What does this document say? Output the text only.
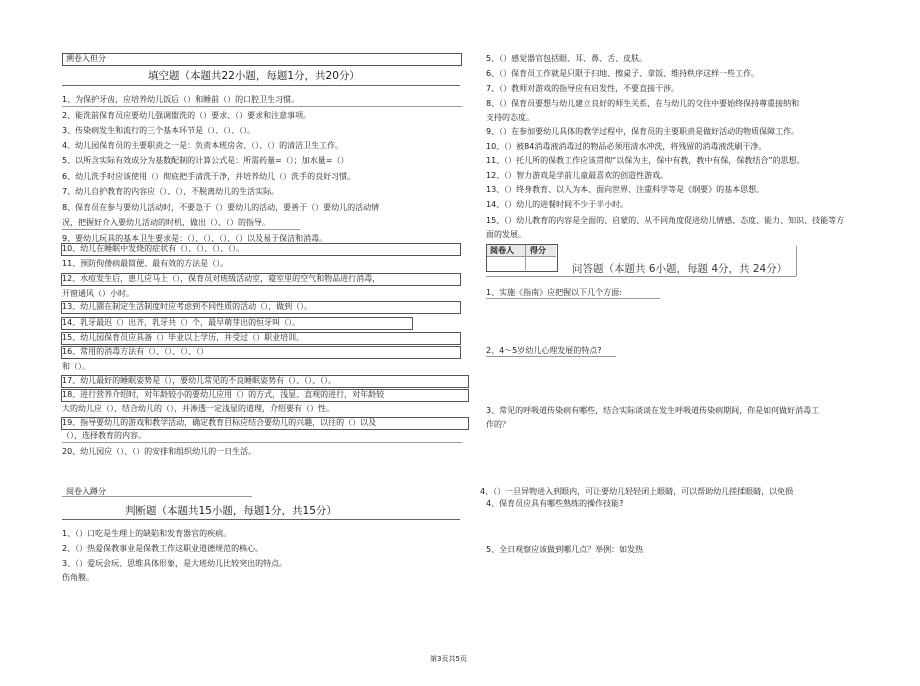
溯卷入但分
填空题（本题共22小题，每题1分，共20分）
1、为保护牙齿，应培养幼儿饭后（）和睡前（）的口腔卫生习惯。
2、能洗前保育员应要幼儿强调盥洗的（）要求、（）要求和注意事项。
3、传染病发生和流行的三个基本环节是（）、（）、（）。
4、幼儿园保育员的主要职责之一是：负责本班房舍、（）、（）的清洁卫生工作。
5、以所含实际有效成分为基数配制的计算公式是：所需药量=（）；加水量=（）
6、幼儿洗手时应该使用（）彻底把手清洗干净，并培养幼儿（）洗手的良好习惯。
7、幼儿自护教育的内容应（）、（），不脱离幼儿的生活实际。
8、保育员在参与要幼儿活动时，不要急于（）要幼儿的活动，要善于（）要幼儿的活动情
况，把握好介入要幼儿活动的时机，做出（）、（）的指导。
9、要幼儿玩具的基本卫生要求是：（）、（）、（）、（）以及易于保洁和消毒。
10、幼儿在睡眠中发烧的症状有（）、（）、（）、（）。
11、预防佝偻病最简便、最有效的方法是（）。
12、水痘发生后，患儿应马上（），保育员对班级活动室，寝室里的空气和物品进行消毒，
开窗通风（）小时。
13、幼儿園在制定生活制度时应考虑到不同性质的活动（），做到（）。
14、乳牙最迟（）出齐，乳牙共（）个，最早萌芽出的恒牙叫（）。
15、幼儿园保育员应具备（）毕业以上学历，并受过（）职业培训。
16、常用的消毒方法有（）、（）、（）、（）
和（）。
17、幼儿最好的睡眠姿势是（），要幼儿常见的不良睡眠姿势有（）、（）、（）。
18、进行营养介绍时，对年龄较小的要幼儿应用（）的方式，浅显、直观的进行，对年龄较
大的幼儿应（），结合幼儿的（），并渗透一定浅显的道理，介绍要有（）性。
19、指导要幼儿的游戏和教学活动，确定教育目标应结合要幼儿的兴趣，以往的（）以及
（），选择教育的内容。
20、幼儿园应（）、（）的安排和组织幼儿的一日生活。
阅卷入蹲分
判断题（本题共15小题，每题1分，共15分）
1、（）口吃是生理上的缺陷和发育器官的疾病。
2、（）热爱保教事业是保教工作这职业道德规范的核心。
3、（）爱玩会玩、思维具体形象，是大班幼儿比较突出的特点。
伤角膜。
5、（）感觉器官包括眼、耳、鼻、舌、皮肤。
6、（）保育员工作就是只限于扫地、擦桌子、拿饭、维持秩序这样一些工作。
7、（）教师对游戏的指导应有启发性，不要直接干涉。
8、（）保育员要想与幼儿建立良好的师生关系，在与幼儿的交往中要始终保持尊重接纳和
支持的态度。
9、（）在参加要幼儿具体的教学过程中，保育员的主要职责是做好活动的物质保障工作。
10、（）被84消毒液消毒过的物品必须用清水冲洗，将残留的消毒液洗刷干净。
11、（）托儿所的保教工作应该贯彻“以保为主，保中有教，教中有保，保教结合”的思想。
12、（）智力游戏是学前儿童最喜欢的创造性游戏。
13、（）终身教育、以人为本、面向世界、注重科学等是《纲要》的基本思想。
14、（）幼儿的进餐时间不少于半小时。
15、（）幼儿教育的内容是全面的、启蒙的、从不同角度促进幼儿情感、态度、能力、知识、技能等方
面的发展。
阅卷人 得分
问答题（本题共 6小题，每题 4分，共 24分）
1、实施《指南》应把握以下几个方面:
2、4～5岁幼儿心理发展的特点?
3、常见的呼吸道传染病有哪些，结合实际谈谈在发生呼吸道传染病期间，你是如何做好消毒工
作的？
4、（）一旦异物进入到眼内，可让要幼儿轻轻闭上眼睛，可以帮助幼儿搓揉眼睛，以免损
4、保育员应具有哪些熟练的操作技能?
5、全日观察应该做到哪几点？举例：如发热
第3页共5页
